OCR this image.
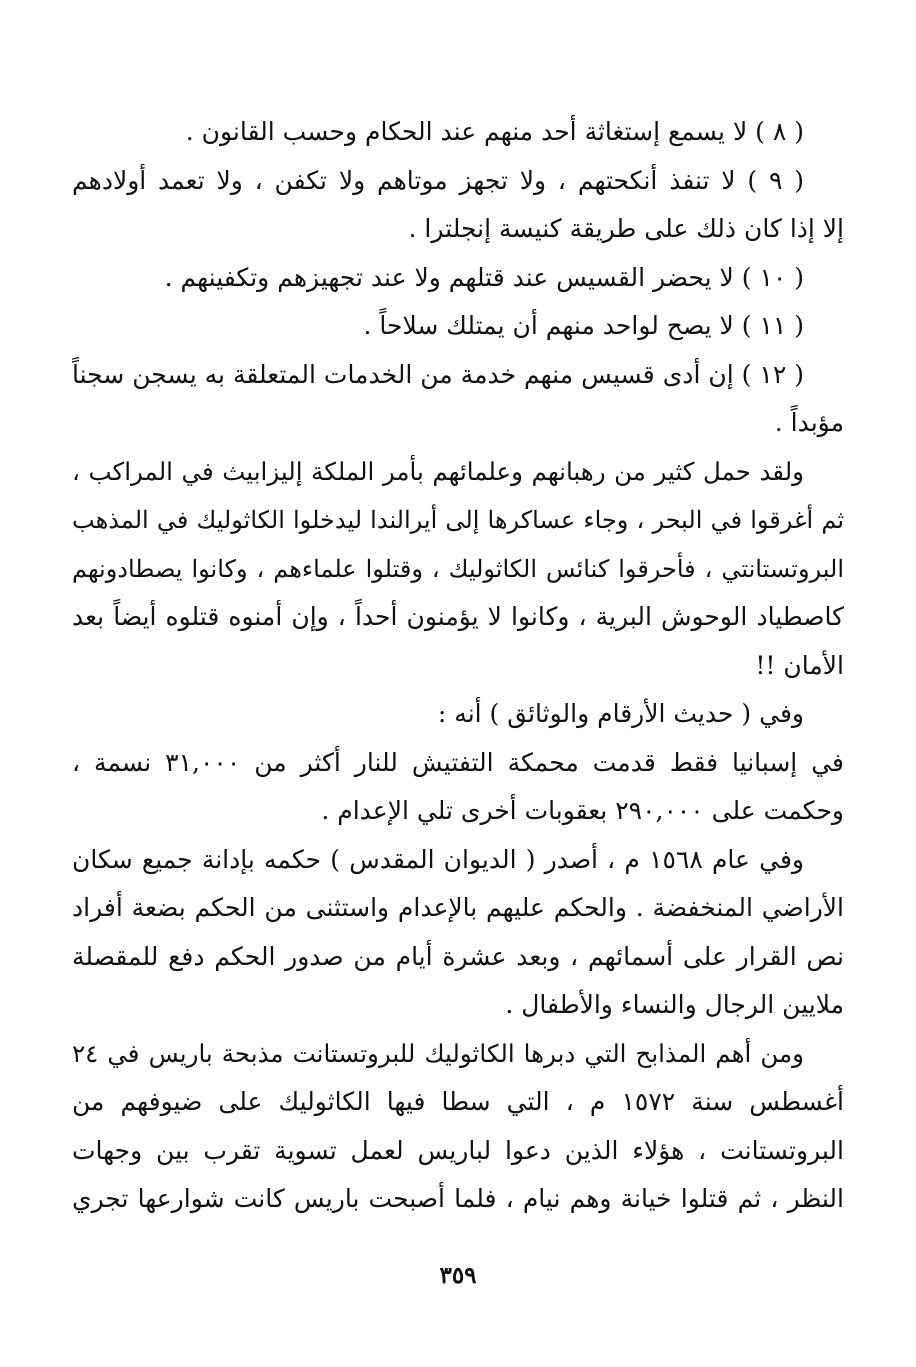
( ٨ ) لا يسمع إستغاثة أحد منهم عند الحكام وحسب القانون .
( ٩ ) لا تنفذ أنكحتهم ، ولا تجهز موتاهم ولا تكفن ، ولا تعمد أولادهم
إلا إذا كان ذلك على طريقة كنيسة إنجلترا .
( ١٠ ) لا يحضر القسيس عند قتلهم ولا عند تجهيزهم وتكفينهم .
( ١١ ) لا يصح لواحد منهم أن يمتلك سلاحاً .
( ١٢ ) إن أدى قسيس منهم خدمة من الخدمات المتعلقة به يسجن سجناً
مؤبداً .
ولقد حمل كثير من رهبانهم وعلمائهم بأمر الملكة إليزابيث في المراكب ،
ثم أغرقوا في البحر ، وجاء عساكرها إلى أيرالندا ليدخلوا الكاثوليك في المذهب
البروتستانتي ، فأحرقوا كنائس الكاثوليك ، وقتلوا علماءهم ، وكانوا يصطادونهم
كاصطياد الوحوش البرية ، وكانوا لا يؤمنون أحداً ، وإن أمنوه قتلوه أيضاً بعد
الأمان !!
وفي ( حديث الأرقام والوثائق ) أنه :
في إسبانيا فقط قدمت محمكة التفتيش للنار أكثر من ٣١,٠٠٠ نسمة ،
وحكمت على ٢٩٠,٠٠٠ بعقوبات أخرى تلي الإعدام .
وفي عام ١٥٦٨ م ، أصدر ( الديوان المقدس ) حكمه بإدانة جميع سكان
الأراضي المنخفضة . والحكم عليهم بالإعدام واستثنى من الحكم بضعة أفراد
نص القرار على أسمائهم ، وبعد عشرة أيام من صدور الحكم دفع للمقصلة
ملايين الرجال والنساء والأطفال .
ومن أهم المذابح التي دبرها الكاثوليك للبروتستانت مذبحة باريس في ٢٤
أغسطس سنة ١٥٧٢ م ، التي سطا فيها الكاثوليك على ضيوفهم من
البروتستانت ، هؤلاء الذين دعوا لباريس لعمل تسوية تقرب بين وجهات
النظر ، ثم قتلوا خيانة وهم نيام ، فلما أصبحت باريس كانت شوارعها تجري
٣٥٩
